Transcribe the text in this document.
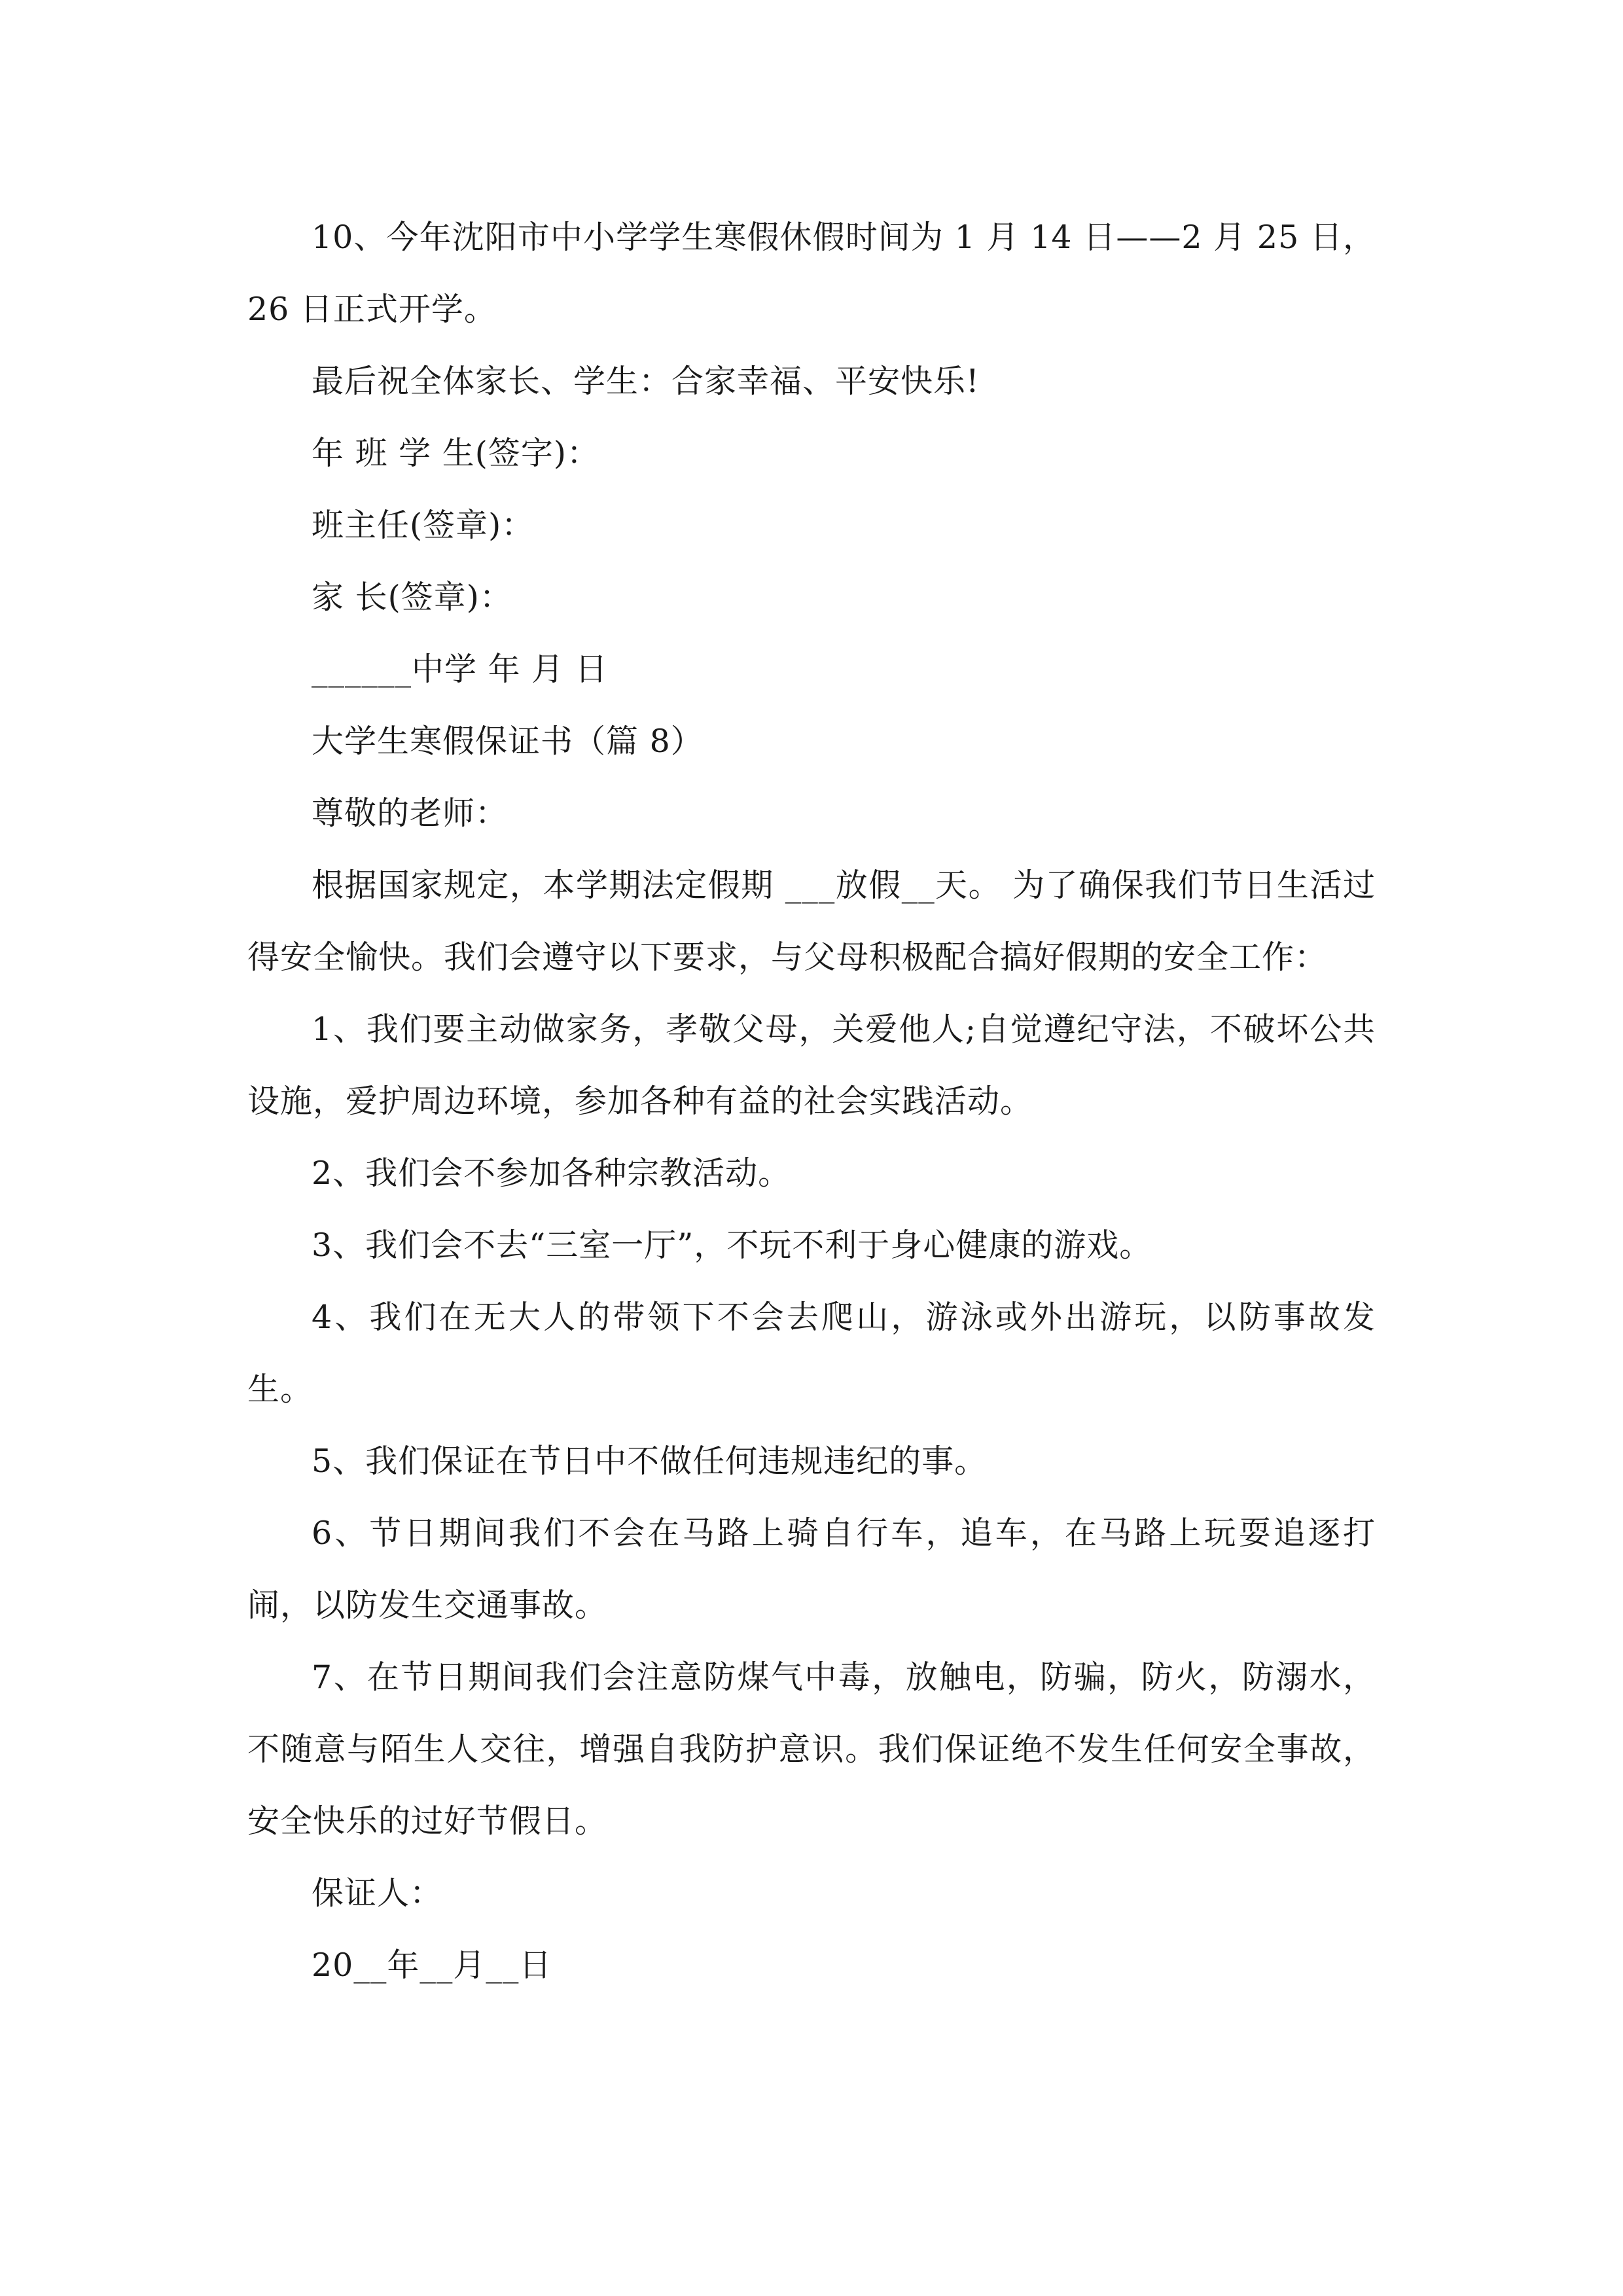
10、今年沈阳市中小学学生寒假休假时间为 1 月 14 日——2 月 25 日，26 日正式开学。

最后祝全体家长、学生：合家幸福、平安快乐!

年 班 学 生(签字)：

班主任(签章)：

家 长(签章)：

______中学 年 月 日

大学生寒假保证书（篇 8）

尊敬的老师：

根据国家规定，本学期法定假期 ___放假__天。 为了确保我们节日生活过得安全愉快。我们会遵守以下要求，与父母积极配合搞好假期的安全工作：

1、我们要主动做家务，孝敬父母，关爱他人;自觉遵纪守法，不破坏公共设施，爱护周边环境，参加各种有益的社会实践活动。

2、我们会不参加各种宗教活动。

3、我们会不去“三室一厅”，不玩不利于身心健康的游戏。

4、我们在无大人的带领下不会去爬山，游泳或外出游玩，以防事故发生。

5、我们保证在节日中不做任何违规违纪的事。

6、节日期间我们不会在马路上骑自行车，追车，在马路上玩耍追逐打闹，以防发生交通事故。

7、在节日期间我们会注意防煤气中毒，放触电，防骗，防火，防溺水，不随意与陌生人交往，增强自我防护意识。我们保证绝不发生任何安全事故，安全快乐的过好节假日。

保证人：

20__年__月__日
